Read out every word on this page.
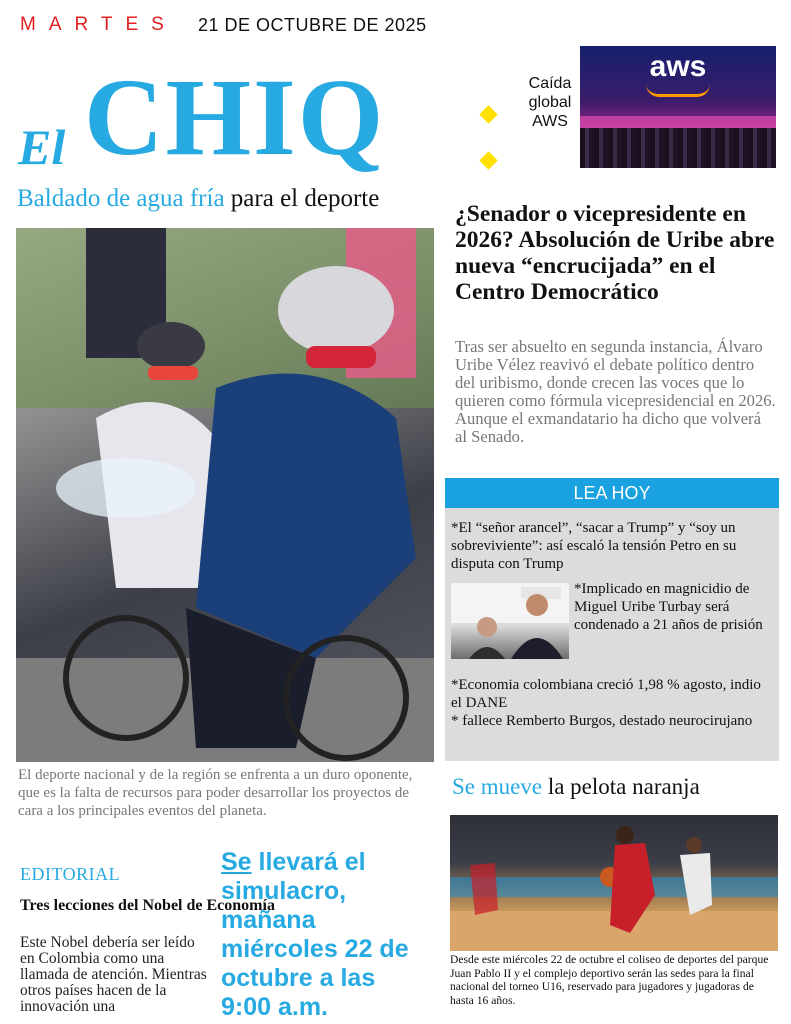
MARTES 21 DE OCTUBRE DE 2025
El CHIQ	Caída global AWS
aws
Baldado de agua fría para el deporte
El deporte nacional y de la región se enfrenta a un duro oponente, que es la falta de recursos para poder desarrollar los proyectos de cara a los principales eventos del planeta.
EDITORIAL
Tres lecciones del Nobel de Economía
Este Nobel debería ser leído en Colombia como una llamada de atención. Mientras otros países hacen de la innovación una
Se llevará el simulacro, mañana miércoles 22 de octubre a las 9:00 a.m.
¿Senador o vicepresidente en 2026? Absolución de Uribe abre nueva “encrucijada” en el Centro Democrático
Tras ser absuelto en segunda instancia, Álvaro Uribe Vélez reavivó el debate político dentro del uribismo, donde crecen las voces que lo quieren como fórmula vicepresidencial en 2026. Aunque el exmandatario ha dicho que volverá al Senado.
LEA HOY
*El “señor arancel”, “sacar a Trump” y “soy un sobreviviente”: así escaló la tensión Petro en su disputa con Trump
*Implicado en magnicidio de Miguel Uribe Turbay será condenado a 21 años de prisión
*Economia colombiana creció 1,98 % agosto, indio el DANE
* fallece Remberto Burgos, destado neurocirujano
Se mueve la pelota naranja
Desde este miércoles 22 de octubre el coliseo de deportes del parque Juan Pablo II y el complejo deportivo serán las sedes para la final nacional del torneo U16, reservado para jugadores y jugadoras de hasta 16 años.
